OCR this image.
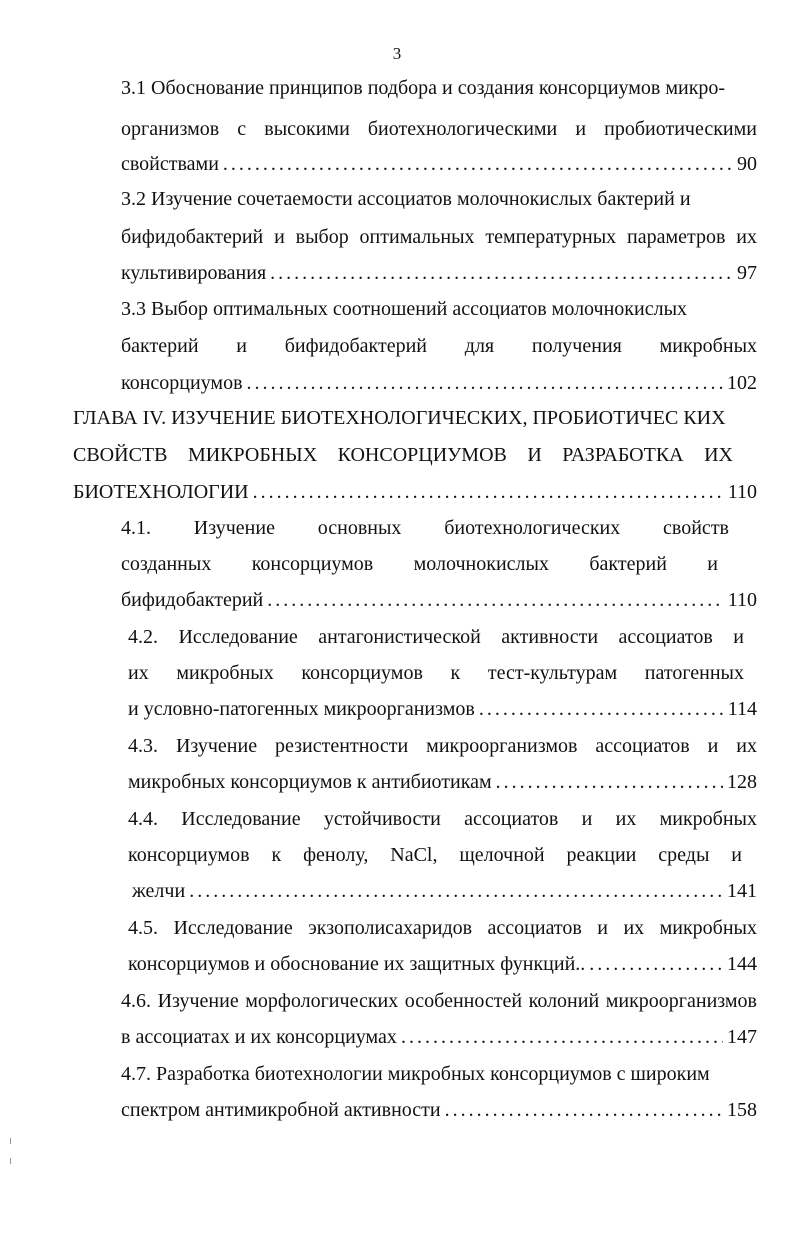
3
3.1 Обоснование принципов подбора и создания консорциумов микро-
организмов с высокими биотехнологическими и пробиотическими
свойствами . . .	90
3.2 Изучение сочетаемости ассоциатов молочнокислых бактерий и
бифидобактерий и выбор оптимальных температурных параметров их
культивирования . . .	97
3.3 Выбор оптимальных соотношений ассоциатов молочнокислых
бактерий и бифидобактерий для получения микробных
консорциумов . . .	102
ГЛАВА IV. ИЗУЧЕНИЕ БИОТЕХНОЛОГИЧЕСКИХ, ПРОБИОТИЧЕС КИХ
СВОЙСТВ МИКРОБНЫХ КОНСОРЦИУМОВ И РАЗРАБОТКА ИХ
БИОТЕХНОЛОГИИ . . .	110
4.1. Изучение основных биотехнологических свойств
созданных консорциумов молочнокислых бактерий и
бифидобактерий . . .	110
4.2. Исследование антагонистической активности ассоциатов и
их микробных консорциумов к тест-культурам патогенных
и условно-патогенных микроорганизмов . . .	114
4.3. Изучение резистентности микроорганизмов ассоциатов и их
микробных консорциумов к антибиотикам . . .	128
4.4. Исследование устойчивости ассоциатов и их микробных
консорциумов к фенолу, NaCl, щелочной реакции среды и
желчи . . .	141
4.5. Исследование экзополисахаридов ассоциатов и их микробных
консорциумов и обоснование их защитных функций.. . . .	144
4.6. Изучение морфологических особенностей колоний микроорганизмов
в ассоциатах и их консорциумах . . .	147
4.7. Разработка биотехнологии микробных консорциумов с широким
спектром антимикробной активности . . .	158
